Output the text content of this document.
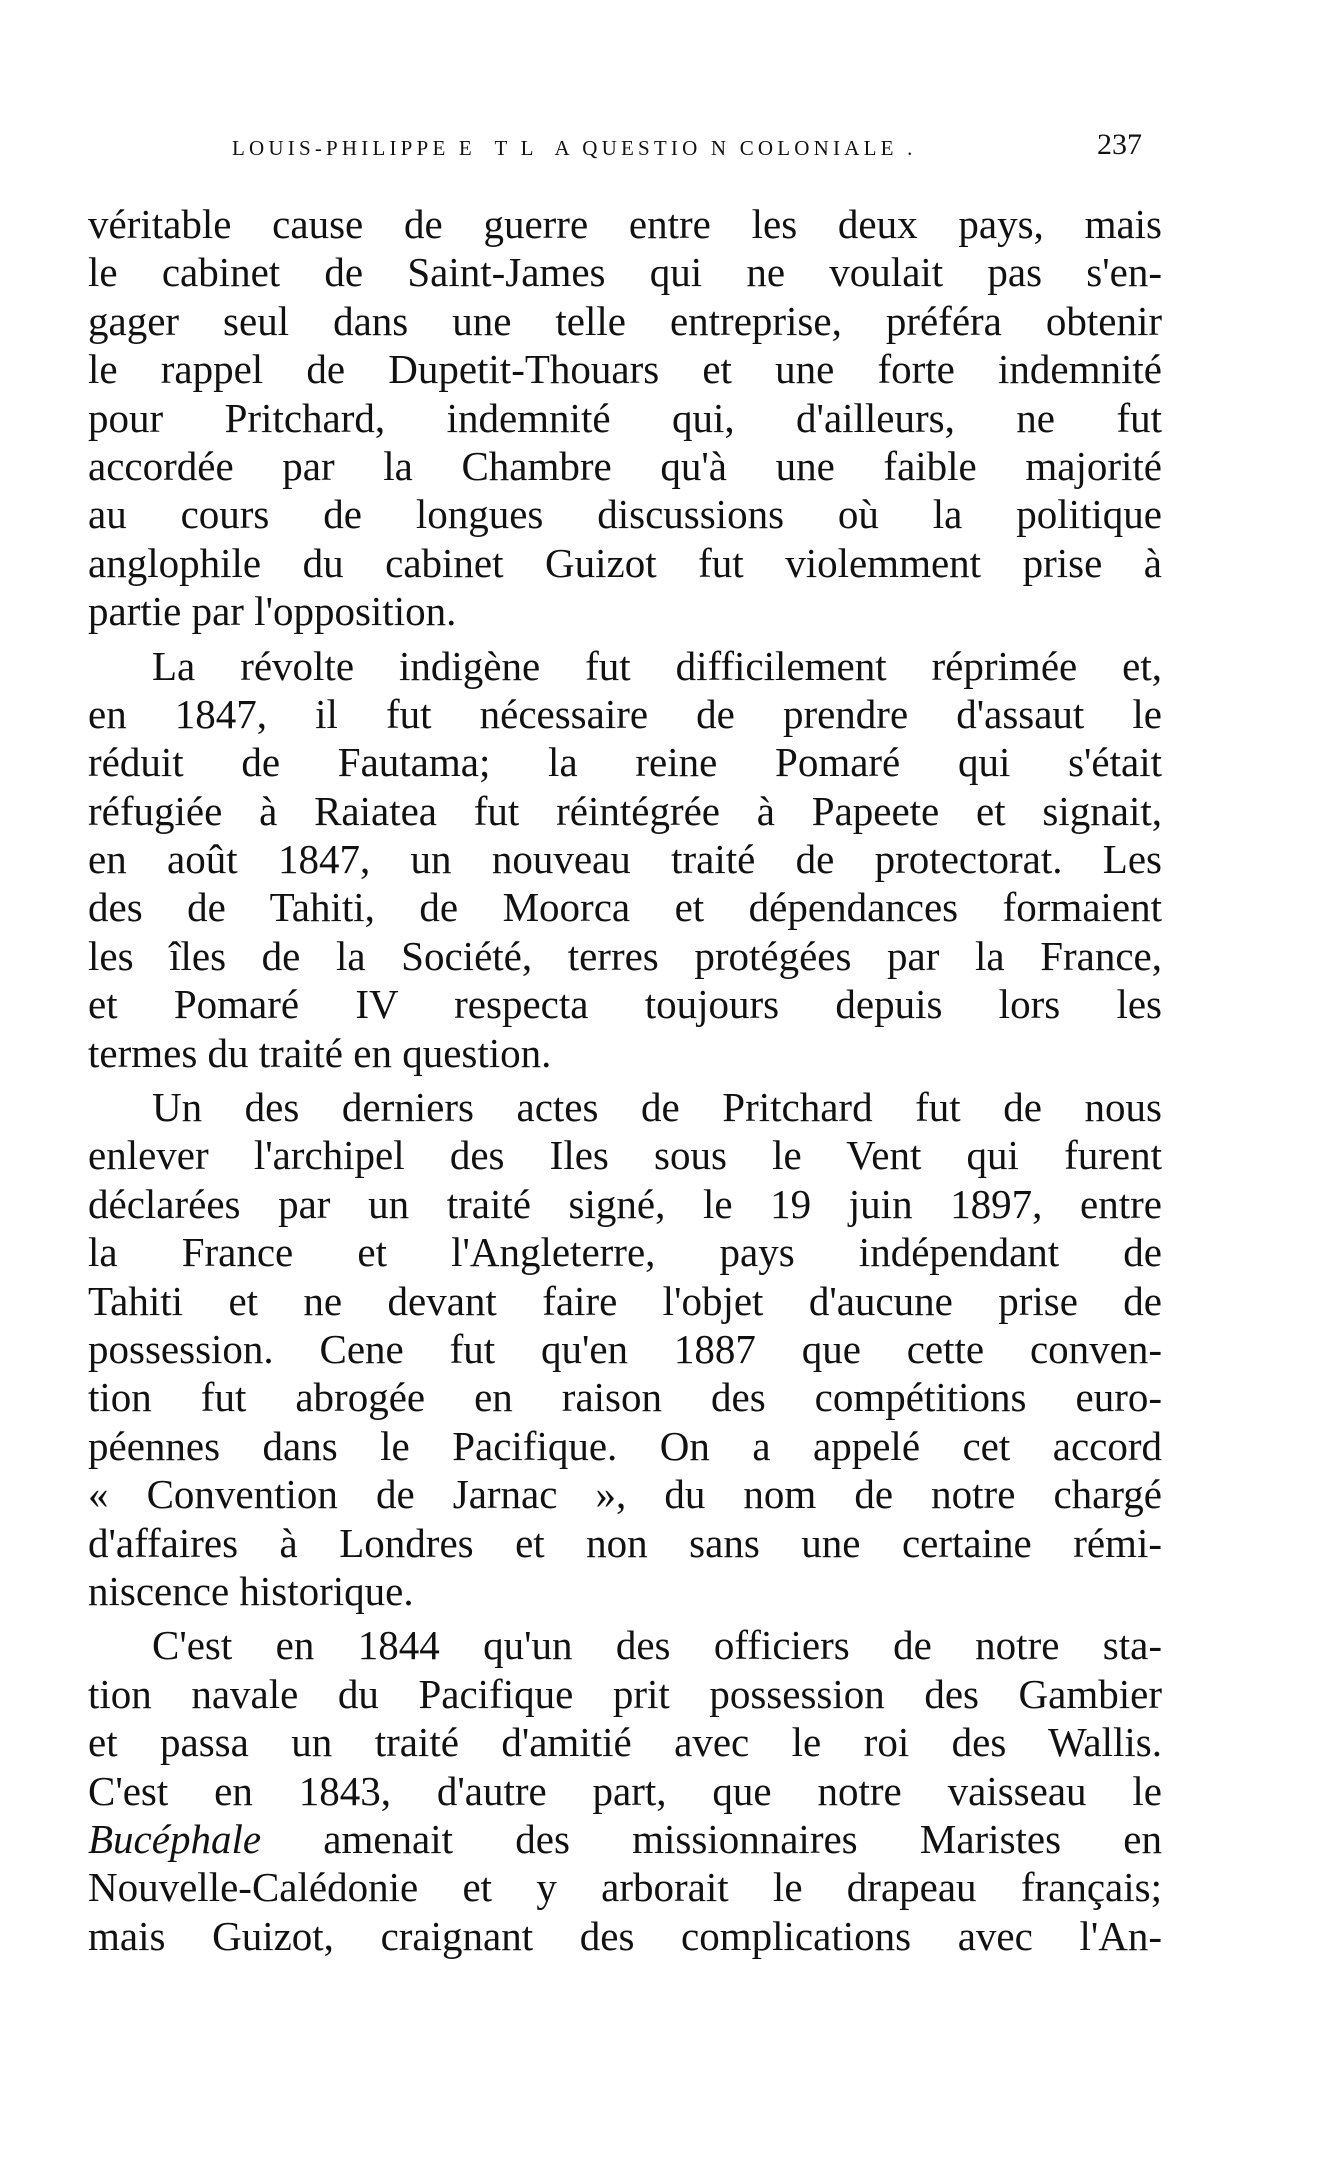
LOUIS-PHILIPPE E  T L  A QUESTIO N COLONIALE .	237
véritable cause de guerre entre les deux pays, mais
le cabinet de Saint-James qui ne voulait pas s'en-
gager seul dans une telle entreprise, préféra obtenir
le rappel de Dupetit-Thouars et une forte indemnité
pour Pritchard, indemnité qui, d'ailleurs, ne fut
accordée par la Chambre qu'à une faible majorité
au cours de longues discussions où la politique
anglophile du cabinet Guizot fut violemment prise à
partie par l'opposition.
La révolte indigène fut difficilement réprimée et,
en 1847, il fut nécessaire de prendre d'assaut le
réduit de Fautama; la reine Pomaré qui s'était
réfugiée à Raiatea fut réintégrée à Papeete et signait,
en août 1847, un nouveau traité de protectorat. Les
des de Tahiti, de Moorca et dépendances formaient
les îles de la Société, terres protégées par la France,
et Pomaré IV respecta toujours depuis lors les
termes du traité en question.
Un des derniers actes de Pritchard fut de nous
enlever l'archipel des Iles sous le Vent qui furent
déclarées par un traité signé, le 19 juin 1897, entre
la France et l'Angleterre, pays indépendant de
Tahiti et ne devant faire l'objet d'aucune prise de
possession. Cene fut qu'en 1887 que cette conven-
tion fut abrogée en raison des compétitions euro-
péennes dans le Pacifique. On a appelé cet accord
« Convention de Jarnac », du nom de notre chargé
d'affaires à Londres et non sans une certaine rémi-
niscence historique.
C'est en 1844 qu'un des officiers de notre sta-
tion navale du Pacifique prit possession des Gambier
et passa un traité d'amitié avec le roi des Wallis.
C'est en 1843, d'autre part, que notre vaisseau le
Bucéphale amenait des missionnaires Maristes en
Nouvelle-Calédonie et y arborait le drapeau français;
mais Guizot, craignant des complications avec l'An-
